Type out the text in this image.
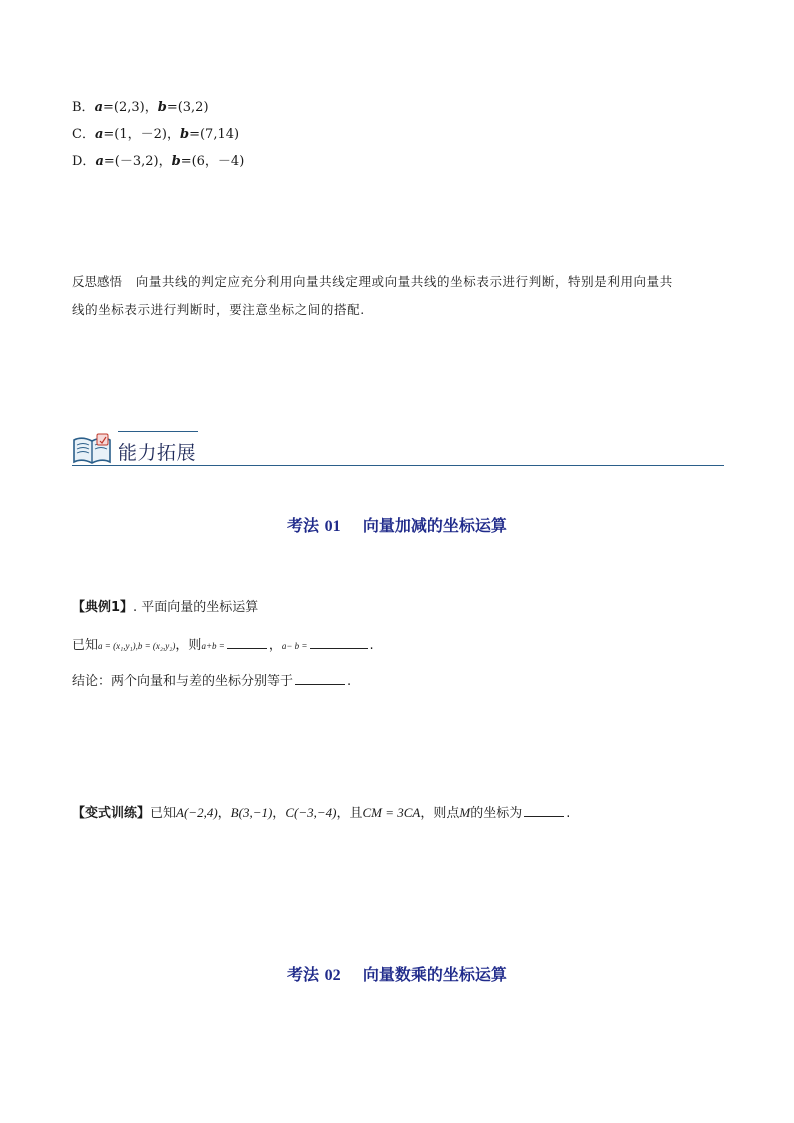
B．a=(2,3)，b=(3,2)
C．a=(1，－2)，b=(7,14)
D．a=(－3,2)，b=(6，－4)
反思感悟 向量共线的判定应充分利用向量共线定理或向量共线的坐标表示进行判断，特别是利用向量共
线的坐标表示进行判断时，要注意坐标之间的搭配.
能力拓展
考法 01 向量加减的坐标运算
【典例1】. 平面向量的坐标运算
已知a = (x₁,y₁),b = (x₂,y₂)，则a+b =	，a− b =	.
结论：两个向量和与差的坐标分别等于	.
【变式训练】已知A(−2,4)，B(3,−1)，C(−3,−4)，且CM = 3CA，则点M的坐标为	.
考法 02 向量数乘的坐标运算
